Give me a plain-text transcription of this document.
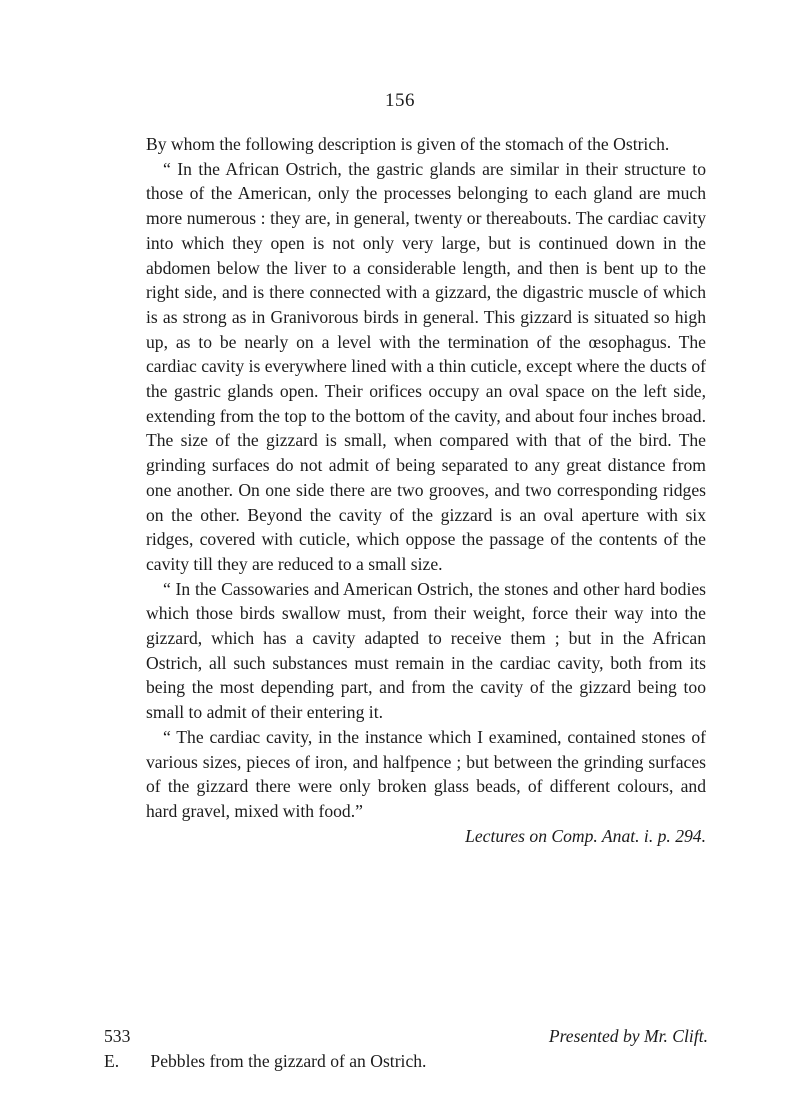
156

By whom the following description is given of the stomach of the Ostrich.

“ In the African Ostrich, the gastric glands are similar in their structure to those of the American, only the processes belonging to each gland are much more numerous : they are, in general, twenty or thereabouts. The cardiac cavity into which they open is not only very large, but is continued down in the abdomen below the liver to a considerable length, and then is bent up to the right side, and is there connected with a gizzard, the digastric muscle of which is as strong as in Granivorous birds in general. This gizzard is situated so high up, as to be nearly on a level with the termination of the œsophagus. The cardiac cavity is everywhere lined with a thin cuticle, except where the ducts of the gastric glands open. Their orifices occupy an oval space on the left side, extending from the top to the bottom of the cavity, and about four inches broad. The size of the gizzard is small, when compared with that of the bird. The grinding surfaces do not admit of being separated to any great distance from one another. On one side there are two grooves, and two corresponding ridges on the other. Beyond the cavity of the gizzard is an oval aperture with six ridges, covered with cuticle, which oppose the passage of the contents of the cavity till they are reduced to a small size.

“ In the Cassowaries and American Ostrich, the stones and other hard bodies which those birds swallow must, from their weight, force their way into the gizzard, which has a cavity adapted to receive them ; but in the African Ostrich, all such substances must remain in the cardiac cavity, both from its being the most depending part, and from the cavity of the gizzard being too small to admit of their entering it.

“ The cardiac cavity, in the instance which I examined, contained stones of various sizes, pieces of iron, and halfpence ; but between the grinding surfaces of the gizzard there were only broken glass beads, of different colours, and hard gravel, mixed with food.”

Lectures on Comp. Anat. i. p. 294.

533 E. Pebbles from the gizzard of an Ostrich.
Presented by Mr. Clift.
